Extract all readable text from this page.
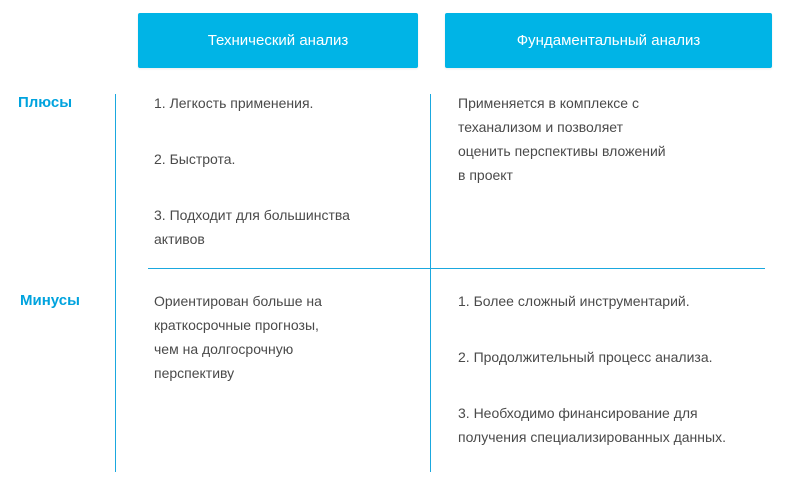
Технический анализ	Фундаментальный анализ
Плюсы
Минусы
1. Легкость применения.
2. Быстрота.
3. Подходит для большинства
активов
Применяется в комплексе с
теханализом и позволяет
оценить перспективы вложений
в проект
Ориентирован больше на
краткосрочные прогнозы,
чем на долгосрочную
перспективу
1. Более сложный инструментарий.
2. Продолжительный процесс анализа.
3. Необходимо финансирование для
получения специализированных данных.
